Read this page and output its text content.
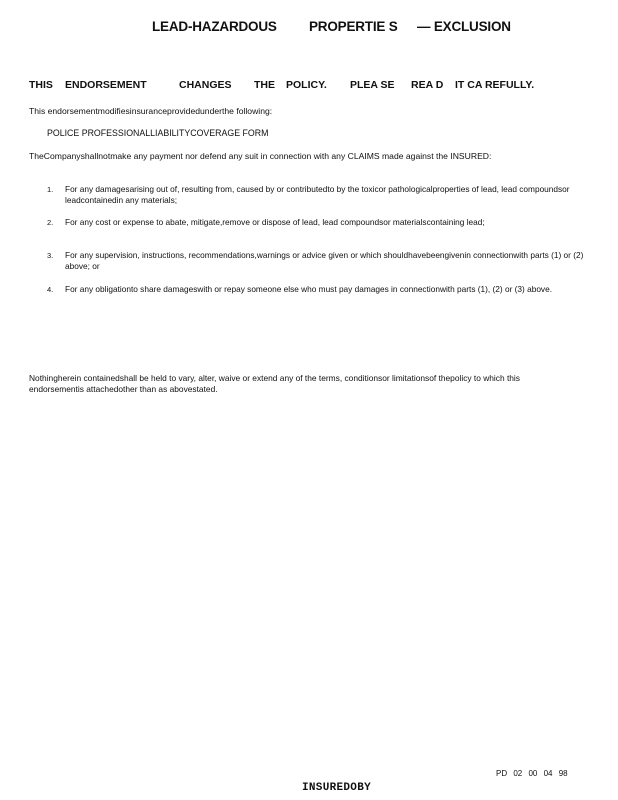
LEAD-HAZARDOUS PROPERTIE S — EXCLUSION
THIS ENDORSEMENT	CHANGES THE POLICY. PLEA SE REA D IT CA REFULLY.
This endorsementmodifiesinsuranceprovidedunderthe following:
POLICE PROFESSIONALLIABILITYCOVERAGE FORM
TheCompanyshallnotmake any payment nor defend any suit in connection with any CLAIMS made against the INSURED:
1. For any damagesarising out of, resulting from, caused by or contributedto by the toxicor pathologicalproperties of lead, lead compoundsor leadcontainedin any materials;
2. For any cost or expense to abate, mitigate,remove or dispose of lead, lead compoundsor materialscontaining lead;
3. For any supervision, instructions, recommendations,warnings or advice given or which shouldhavebeengivenin connectionwith parts (1) or (2) above; or
4. For any obligationto share damageswith or repay someone else who must pay damages in connectionwith parts (1), (2) or (3) above.
Nothingherein containedshall be held to vary, alter, waive or extend any of the terms, conditionsor limitationsof thepolicy to which this endorsementis attachedother than as abovestated.
PD 02 00 04 98
INSUREDOBY
